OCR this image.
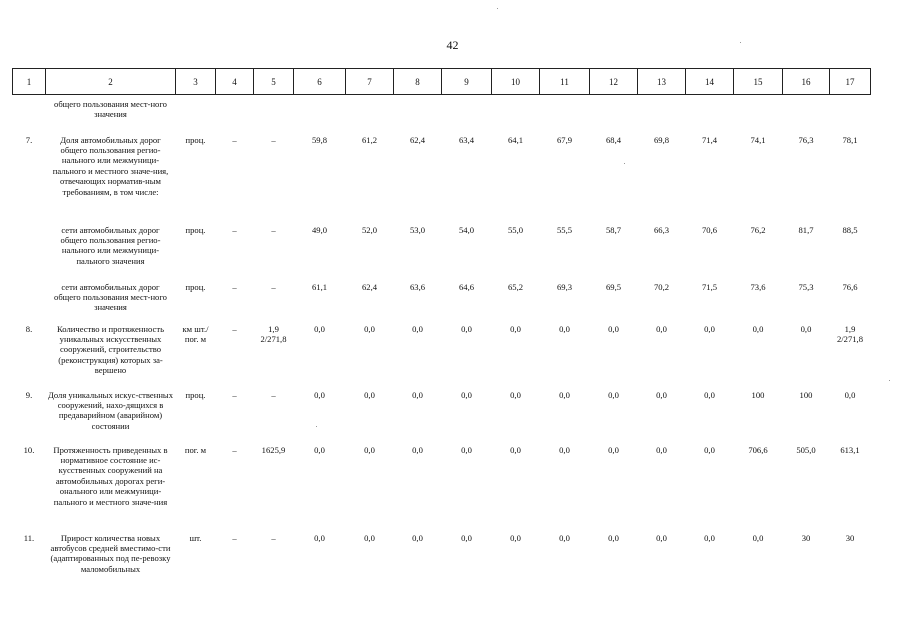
42
1	2	3	4	5	6	7	8	9	10	11	12	13	14	15	16	17
	общего пользования мест-ного значения															
7.	Доля автомобильных дорог общего пользования регио-нального или межмуници-пального и местного значе-ния, отвечающих норматив-ным требованиям, в том числе:	проц.	–	–	59,8	61,2	62,4	63,4	64,1	67,9	68,4	69,8	71,4	74,1	76,3	78,1
	сети автомобильных дорог общего пользования регио-нального или межмуници-пального значения	проц.	–	–	49,0	52,0	53,0	54,0	55,0	55,5	58,7	66,3	70,6	76,2	81,7	88,5
	сети автомобильных дорог общего пользования мест-ного значения	проц.	–	–	61,1	62,4	63,6	64,6	65,2	69,3	69,5	70,2	71,5	73,6	75,3	76,6
8.	Количество и протяженность уникальных искусственных сооружений, строительство (реконструкция) которых за-вершено	км шт./пог. м	–	1,9 2/271,8	0,0	0,0	0,0	0,0	0,0	0,0	0,0	0,0	0,0	0,0	0,0	1,9 2/271,8
9.	Доля уникальных искус-ственных сооружений, нахо-дящихся в предаварийном (аварийном) состоянии	проц.	–	–	0,0	0,0	0,0	0,0	0,0	0,0	0,0	0,0	0,0	100	100	0,0
10.	Протяженность приведенных в нормативное состояние ис-кусственных сооружений на автомобильных дорогах реги-онального или межмуници-пального и местного значе-ния	пог. м	–	1625,9	0,0	0,0	0,0	0,0	0,0	0,0	0,0	0,0	0,0	706,6	505,0	613,1
11.	Прирост количества новых автобусов средней вместимо-сти (адаптированных под пе-ревозку маломобильных	шт.	–	–	0,0	0,0	0,0	0,0	0,0	0,0	0,0	0,0	0,0	0,0	30	30
